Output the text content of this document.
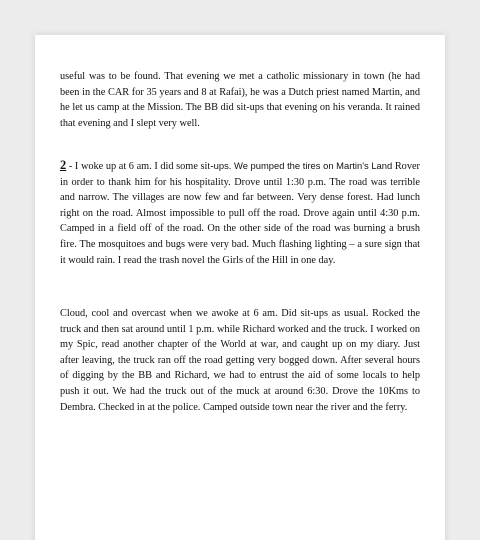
useful was to be found. That evening we met a catholic missionary in town (he had been in the CAR for 35 years and 8 at Rafai), he was a Dutch priest named Martin, and he let us camp at the Mission. The BB did sit-ups that evening on his veranda. It rained that evening and I slept very well.

2 - I woke up at 6 am. I did some sit-ups. We pumped the tires on Martin's Land Rover in order to thank him for his hospitality. Drove until 1:30 p.m. The road was terrible and narrow. The villages are now few and far between. Very dense forest. Had lunch right on the road. Almost impossible to pull off the road. Drove again until 4:30 p.m. Camped in a field off of the road. On the other side of the road was burning a brush fire. The mosquitoes and bugs were very bad. Much flashing lighting – a sure sign that it would rain. I read the trash novel the Girls of the Hill in one day.

Cloud, cool and overcast when we awoke at 6 am. Did sit-ups as usual. Rocked the truck and then sat around until 1 p.m. while Richard worked and the truck. I worked on my Spic, read another chapter of the World at war, and caught up on my diary. Just after leaving, the truck ran off the road getting very bogged down. After several hours of digging by the BB and Richard, we had to entrust the aid of some locals to help push it out. We had the truck out of the muck at around 6:30. Drove the 10Kms to Dembra. Checked in at the police. Camped outside town near the river and the ferry.
